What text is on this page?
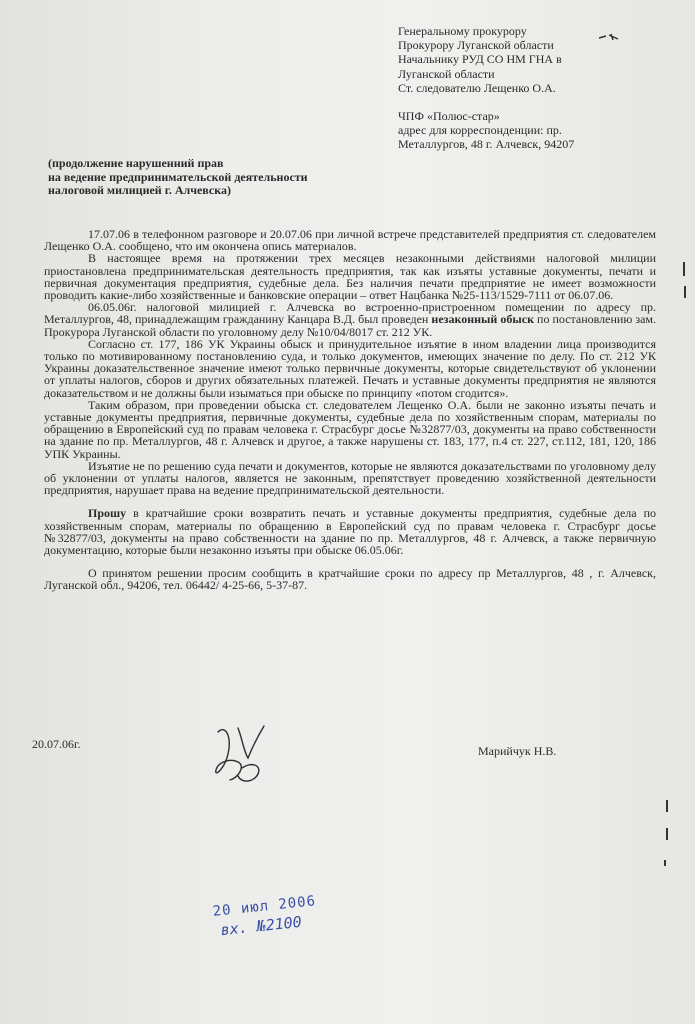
Генеральному прокурору
Прокурору Луганской области
Начальнику РУД СО НМ ГНА в
Луганской области
Ст. следователю Лещенко О.А.
ЧПФ «Полюс-стар»
адрес для корреспонденции: пр.
Металлургов, 48 г. Алчевск, 94207
(продолжение нарушенний прав
на ведение предпринимательской деятельности
налоговой милицией г. Алчевска)

17.07.06 в телефонном разговоре и 20.07.06 при личной встрече представителей предприятия ст. следователем Лещенко О.А. сообщено, что им окончена опись материалов.

В настоящее время на протяжении трех месяцев незаконными действиями налоговой милиции приостановлена предпринимательская деятельность предприятия, так как изъяты уставные документы, печати и первичная документация предприятия, судебные дела. Без наличия печати предприятие не имеет возможности проводить какие-либо хозяйственные и банковские операции – ответ Нацбанка №25-113/1529-7111 от 06.07.06.

06.05.06г. налоговой милицией г. Алчевска во встроенно-пристроенном помещении по адресу пр. Металлургов, 48, принадлежащим гражданину Канцара В.Д. был проведен незаконный обыск по постановлению зам. Прокурора Луганской области по уголовному делу №10/04/8017 ст. 212 УК.

Согласно ст. 177, 186 УК Украины обыск и принудительное изъятие в ином владении лица производится только по мотивированному постановлению суда, и только документов, имеющих значение по делу. По ст. 212 УК Украины доказательственное значение имеют только первичные документы, которые свидетельствуют об уклонении от уплаты налогов, сборов и других обязательных платежей. Печать и уставные документы предприятия не являются доказательством и не должны были изыматься при обыске по принципу «потом сгодится».

Таким образом, при проведении обыска ст. следователем Лещенко О.А. были не законно изъяты печать и уставные документы предприятия, первичные документы, судебные дела по хозяйственным спорам, материалы по обращению в Европейский суд по правам человека г. Страсбург досье №32877/03, документы на право собственности на здание по пр. Металлургов, 48 г. Алчевск и другое, а также нарушены ст. 183, 177, п.4 ст. 227, ст.112, 181, 120, 186 УПК Украины.

Изъятие не по решению суда печати и документов, которые не являются доказательствами по уголовному делу об уклонении от уплаты налогов, является не законным, препятствует проведению хозяйственной деятельности предприятия, нарушает права на ведение предпринимательской деятельности.

Прошу в кратчайшие сроки возвратить печать и уставные документы предприятия, судебные дела по хозяйственным спорам, материалы по обращению в Европейский суд по правам человека г. Страсбург досье №32877/03, документы на право собственности на здание по пр. Металлургов, 48 г. Алчевск, а также первичную документацию, которые были незаконно изъяты при обыске 06.05.06г.

О принятом решении просим сообщить в кратчайшие сроки по адресу пр Металлургов, 48 , г. Алчевск, Луганской обл., 94206, тел. 06442/ 4-25-66, 5-37-87.

20.07.06г.	Марийчук Н.В.
20 июл 2006
вх. №2100
